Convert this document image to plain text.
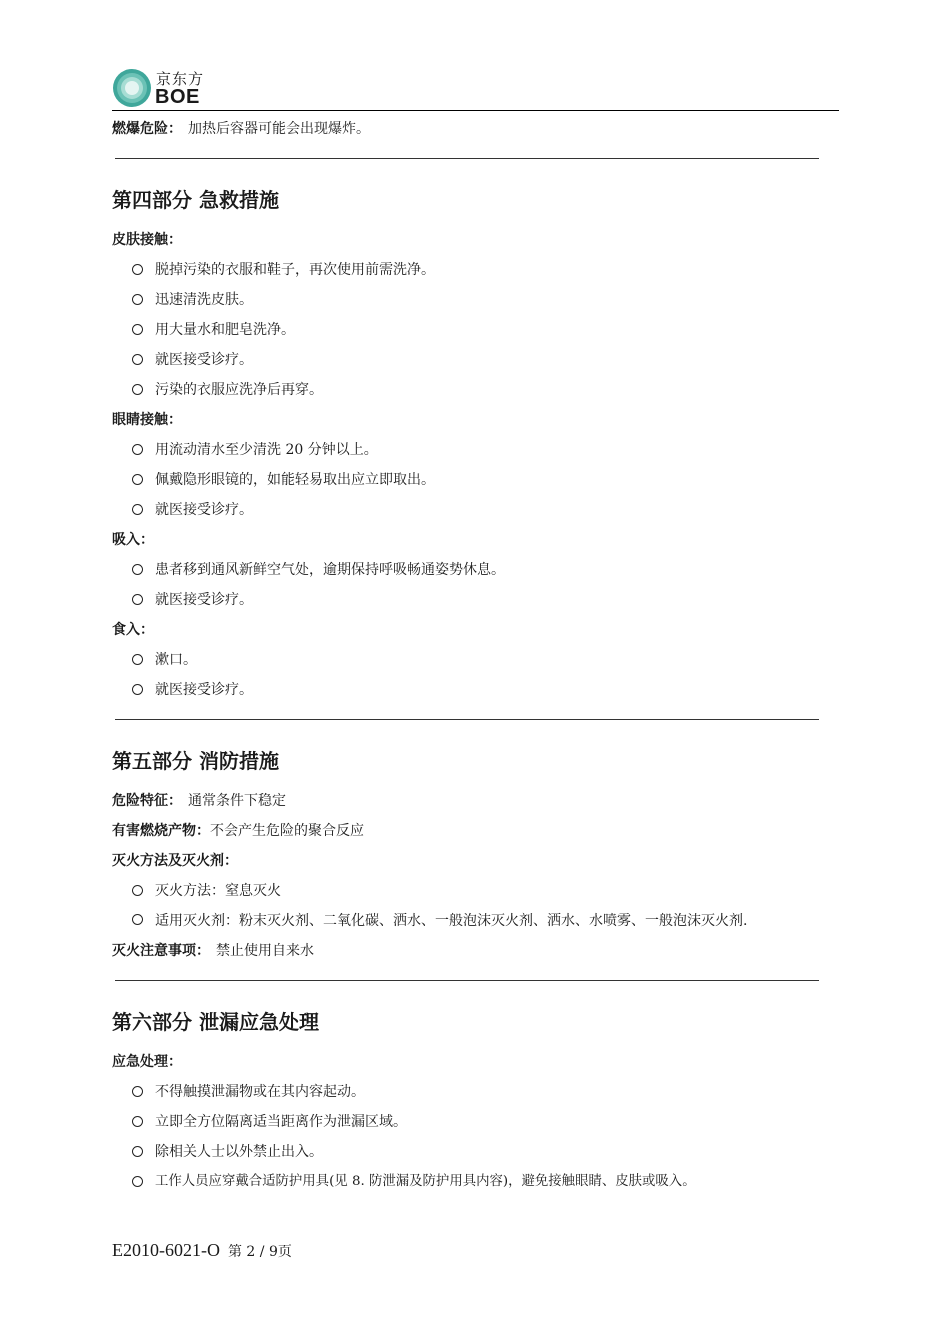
京东方
BOE
燃爆危险： 加热后容器可能会出现爆炸。
第四部分 急救措施
皮肤接触：
脱掉污染的衣服和鞋子，再次使用前需洗净。
迅速清洗皮肤。
用大量水和肥皂洗净。
就医接受诊疗。
污染的衣服应洗净后再穿。
眼睛接触：
用流动清水至少清洗 20 分钟以上。
佩戴隐形眼镜的，如能轻易取出应立即取出。
就医接受诊疗。
吸入：
患者移到通风新鲜空气处，逾期保持呼吸畅通姿势休息。
就医接受诊疗。
食入：
漱口。
就医接受诊疗。
第五部分 消防措施
危险特征： 通常条件下稳定
有害燃烧产物：不会产生危险的聚合反应
灭火方法及灭火剂：
灭火方法：窒息灭火
适用灭火剂：粉末灭火剂、二氧化碳、洒水、一般泡沫灭火剂、洒水、水喷雾、一般泡沫灭火剂.
灭火注意事项： 禁止使用自来水
第六部分 泄漏应急处理
应急处理：
不得触摸泄漏物或在其内容起动。
立即全方位隔离适当距离作为泄漏区域。
除相关人士以外禁止出入。
工作人员应穿戴合适防护用具(见 8. 防泄漏及防护用具内容)，避免接触眼睛、皮肤或吸入。
E2010-6021-O 第 2 / 9页
